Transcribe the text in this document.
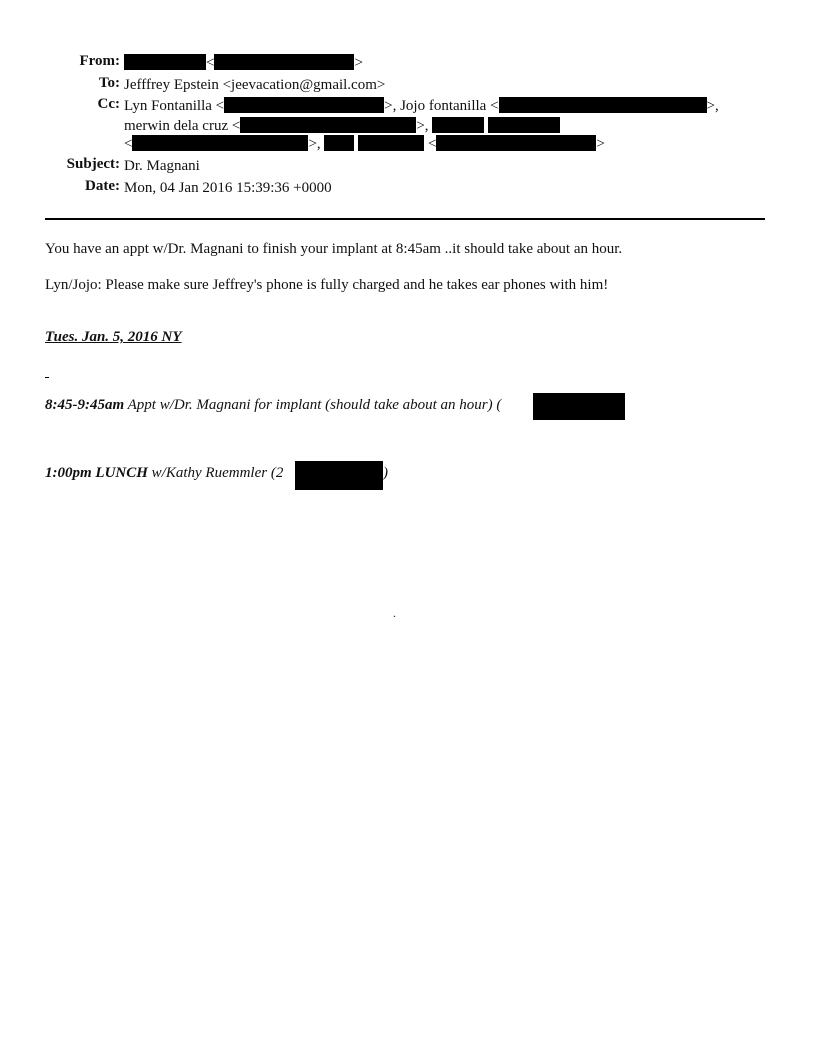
From:	<	>
To: Jefffrey Epstein <jeevacation@gmail.com>
Cc: Lyn Fontanilla <	>, Jojo fontanilla <	>,
merwin dela cruz <	>,
<	>,	<	>
Subject: Dr. Magnani
Date: Mon, 04 Jan 2016 15:39:36 +0000
You have an appt w/Dr. Magnani to finish your implant at 8:45am ..it should take about an hour.
Lyn/Jojo: Please make sure Jeffrey's phone is fully charged and he takes ear phones with him!
Tues. Jan. 5, 2016 NY
8:45-9:45am Appt w/Dr. Magnani for implant (should take about an hour) (
1:00pm LUNCH w/Kathy Ruemmler (2	)
.
